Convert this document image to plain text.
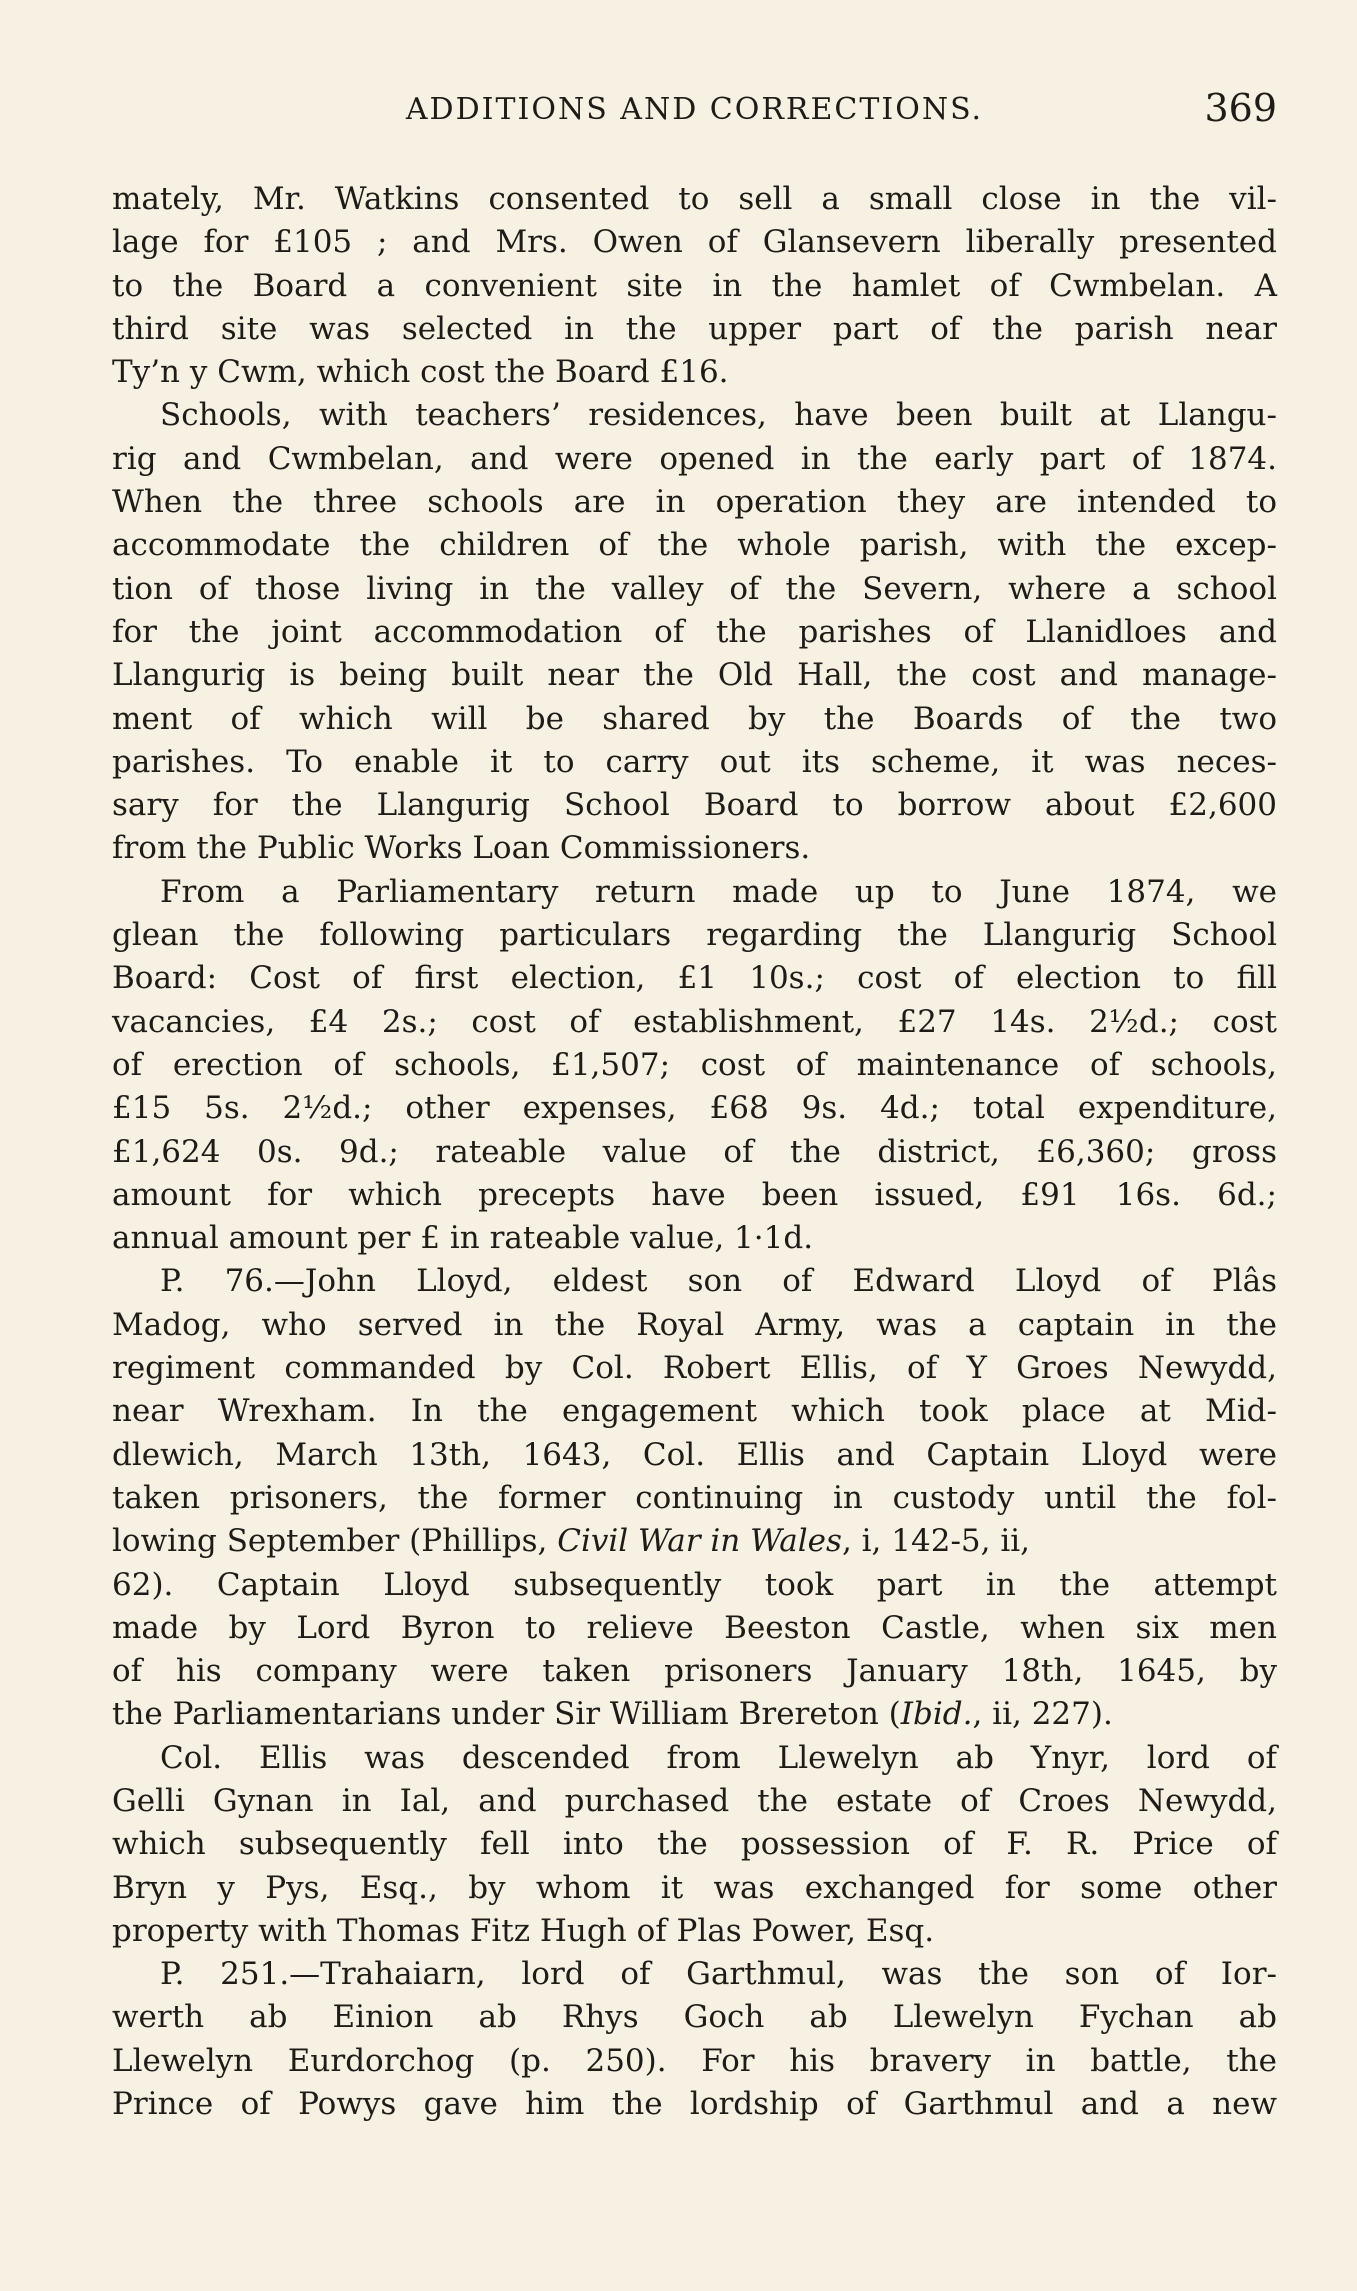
ADDITIONS AND CORRECTIONS.	369
mately, Mr. Watkins consented to sell a small close in the vil-
lage for £105 ; and Mrs. Owen of Glansevern liberally presented
to the Board a convenient site in the hamlet of Cwmbelan. A
third site was selected in the upper part of the parish near
Ty’n y Cwm, which cost the Board £16.
Schools, with teachers’ residences, have been built at Llangu-
rig and Cwmbelan, and were opened in the early part of 1874.
When the three schools are in operation they are intended to
accommodate the children of the whole parish, with the excep-
tion of those living in the valley of the Severn, where a school
for the joint accommodation of the parishes of Llanidloes and
Llangurig is being built near the Old Hall, the cost and manage-
ment of which will be shared by the Boards of the two
parishes. To enable it to carry out its scheme, it was neces-
sary for the Llangurig School Board to borrow about £2,600
from the Public Works Loan Commissioners.
From a Parliamentary return made up to June 1874, we
glean the following particulars regarding the Llangurig School
Board: Cost of first election, £1 10s.; cost of election to fill
vacancies, £4 2s.; cost of establishment, £27 14s. 2½d.; cost
of erection of schools, £1,507; cost of maintenance of schools,
£15 5s. 2½d.; other expenses, £68 9s. 4d.; total expenditure,
£1,624 0s. 9d.; rateable value of the district, £6,360; gross
amount for which precepts have been issued, £91 16s. 6d.;
annual amount per £ in rateable value, 1·1d.
P. 76.—John Lloyd, eldest son of Edward Lloyd of Plâs
Madog, who served in the Royal Army, was a captain in the
regiment commanded by Col. Robert Ellis, of Y Groes Newydd,
near Wrexham. In the engagement which took place at Mid-
dlewich, March 13th, 1643, Col. Ellis and Captain Lloyd were
taken prisoners, the former continuing in custody until the fol-
lowing September (Phillips, Civil War in Wales, i, 142-5, ii,
62). Captain Lloyd subsequently took part in the attempt
made by Lord Byron to relieve Beeston Castle, when six men
of his company were taken prisoners January 18th, 1645, by
the Parliamentarians under Sir William Brereton (Ibid., ii, 227).
Col. Ellis was descended from Llewelyn ab Ynyr, lord of
Gelli Gynan in Ial, and purchased the estate of Croes Newydd,
which subsequently fell into the possession of F. R. Price of
Bryn y Pys, Esq., by whom it was exchanged for some other
property with Thomas Fitz Hugh of Plas Power, Esq.
P. 251.—Trahaiarn, lord of Garthmul, was the son of Ior-
werth ab Einion ab Rhys Goch ab Llewelyn Fychan ab
Llewelyn Eurdorchog (p. 250). For his bravery in battle, the
Prince of Powys gave him the lordship of Garthmul and a new
